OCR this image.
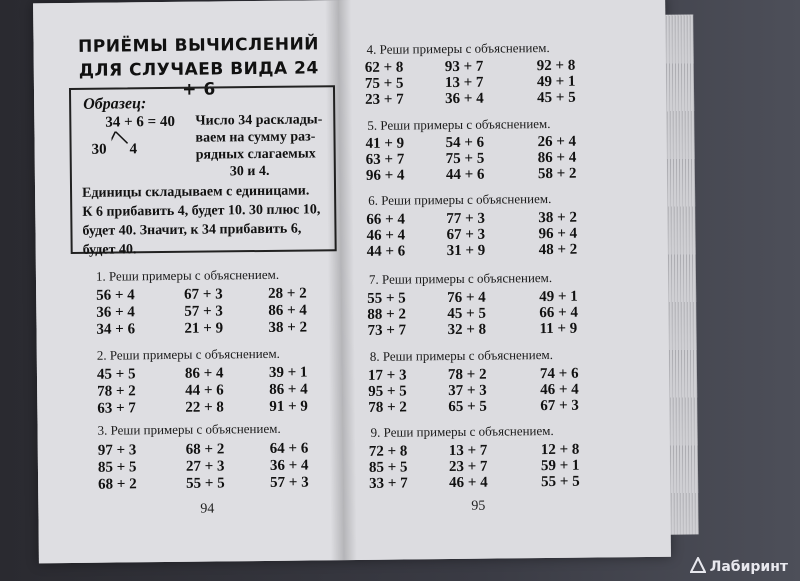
ПРИЁМЫ ВЫЧИСЛЕНИЙ
ДЛЯ СЛУЧАЕВ ВИДА 24 + 6
Образец:
34 + 6 = 40
30 4
Число 34 расклады-
ваем на сумму раз-
рядных слагаемых
30 и 4.
Единицы складываем с единицами.
К 6 прибавить 4, будет 10. 30 плюс 10,
будет 40. Значит, к 34 прибавить 6,
будет 40.
1. Реши примеры с объяснением.
56 + 4	67 + 3	28 + 2
36 + 4	57 + 3	86 + 4
34 + 6	21 + 9	38 + 2
2. Реши примеры с объяснением.
45 + 5	86 + 4	39 + 1
78 + 2	44 + 6	86 + 4
63 + 7	22 + 8	91 + 9
3. Реши примеры с объяснением.
97 + 3	68 + 2	64 + 6
85 + 5	27 + 3	36 + 4
68 + 2	55 + 5	57 + 3
94
4. Реши примеры с объяснением.
62 + 8	93 + 7	92 + 8
75 + 5	13 + 7	49 + 1
23 + 7	36 + 4	45 + 5
5. Реши примеры с объяснением.
41 + 9	54 + 6	26 + 4
63 + 7	75 + 5	86 + 4
96 + 4	44 + 6	58 + 2
6. Реши примеры с объяснением.
66 + 4	77 + 3	38 + 2
46 + 4	67 + 3	96 + 4
44 + 6	31 + 9	48 + 2
7. Реши примеры с объяснением.
55 + 5	76 + 4	49 + 1
88 + 2	45 + 5	66 + 4
73 + 7	32 + 8	11 + 9
8. Реши примеры с объяснением.
17 + 3	78 + 2	74 + 6
95 + 5	37 + 3	46 + 4
78 + 2	65 + 5	67 + 3
9. Реши примеры с объяснением.
72 + 8	13 + 7	12 + 8
85 + 5	23 + 7	59 + 1
33 + 7	46 + 4	55 + 5
95
Лабиринт
